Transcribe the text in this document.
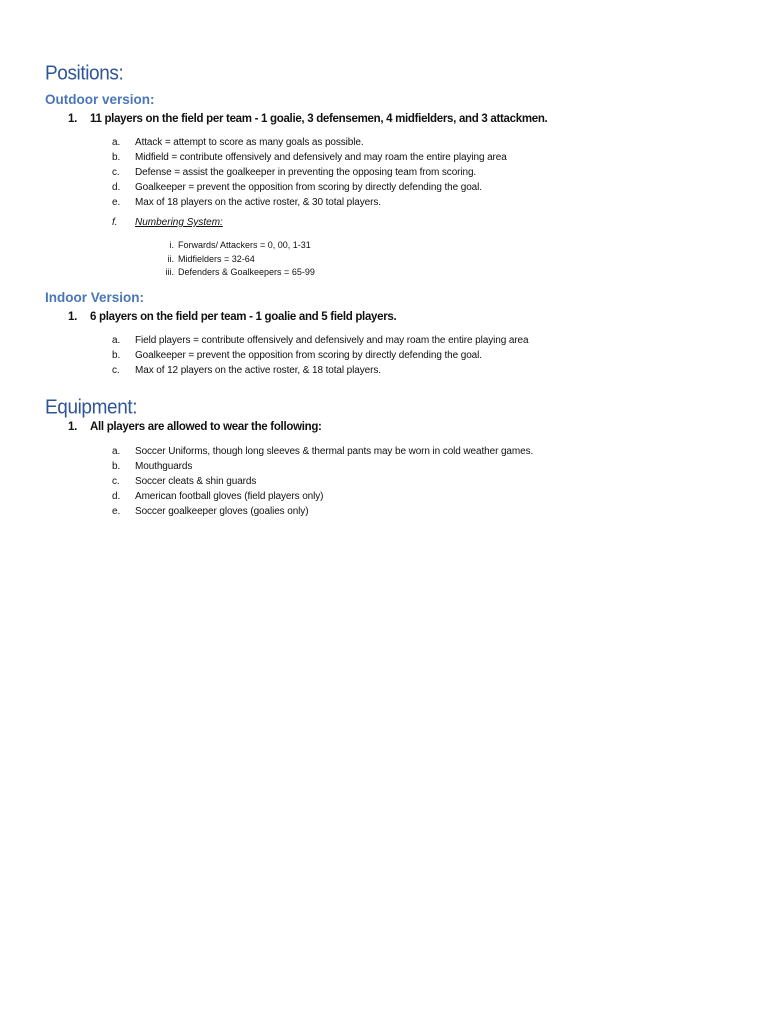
Positions:
Outdoor version:
1. 11 players on the field per team - 1 goalie, 3 defensemen, 4 midfielders, and 3 attackmen.
a. Attack = attempt to score as many goals as possible.
b. Midfield = contribute offensively and defensively and may roam the entire playing area
c. Defense = assist the goalkeeper in preventing the opposing team from scoring.
d. Goalkeeper = prevent the opposition from scoring by directly defending the goal.
e. Max of 18 players on the active roster, & 30 total players.
f. Numbering System:
i. Forwards/ Attackers = 0, 00, 1-31
ii. Midfielders = 32-64
iii. Defenders & Goalkeepers = 65-99
Indoor Version:
1. 6 players on the field per team - 1 goalie and 5 field players.
a. Field players = contribute offensively and defensively and may roam the entire playing area
b. Goalkeeper = prevent the opposition from scoring by directly defending the goal.
c. Max of 12 players on the active roster, & 18 total players.
Equipment:
1. All players are allowed to wear the following:
a. Soccer Uniforms, though long sleeves & thermal pants may be worn in cold weather games.
b. Mouthguards
c. Soccer cleats & shin guards
d. American football gloves (field players only)
e. Soccer goalkeeper gloves (goalies only)
